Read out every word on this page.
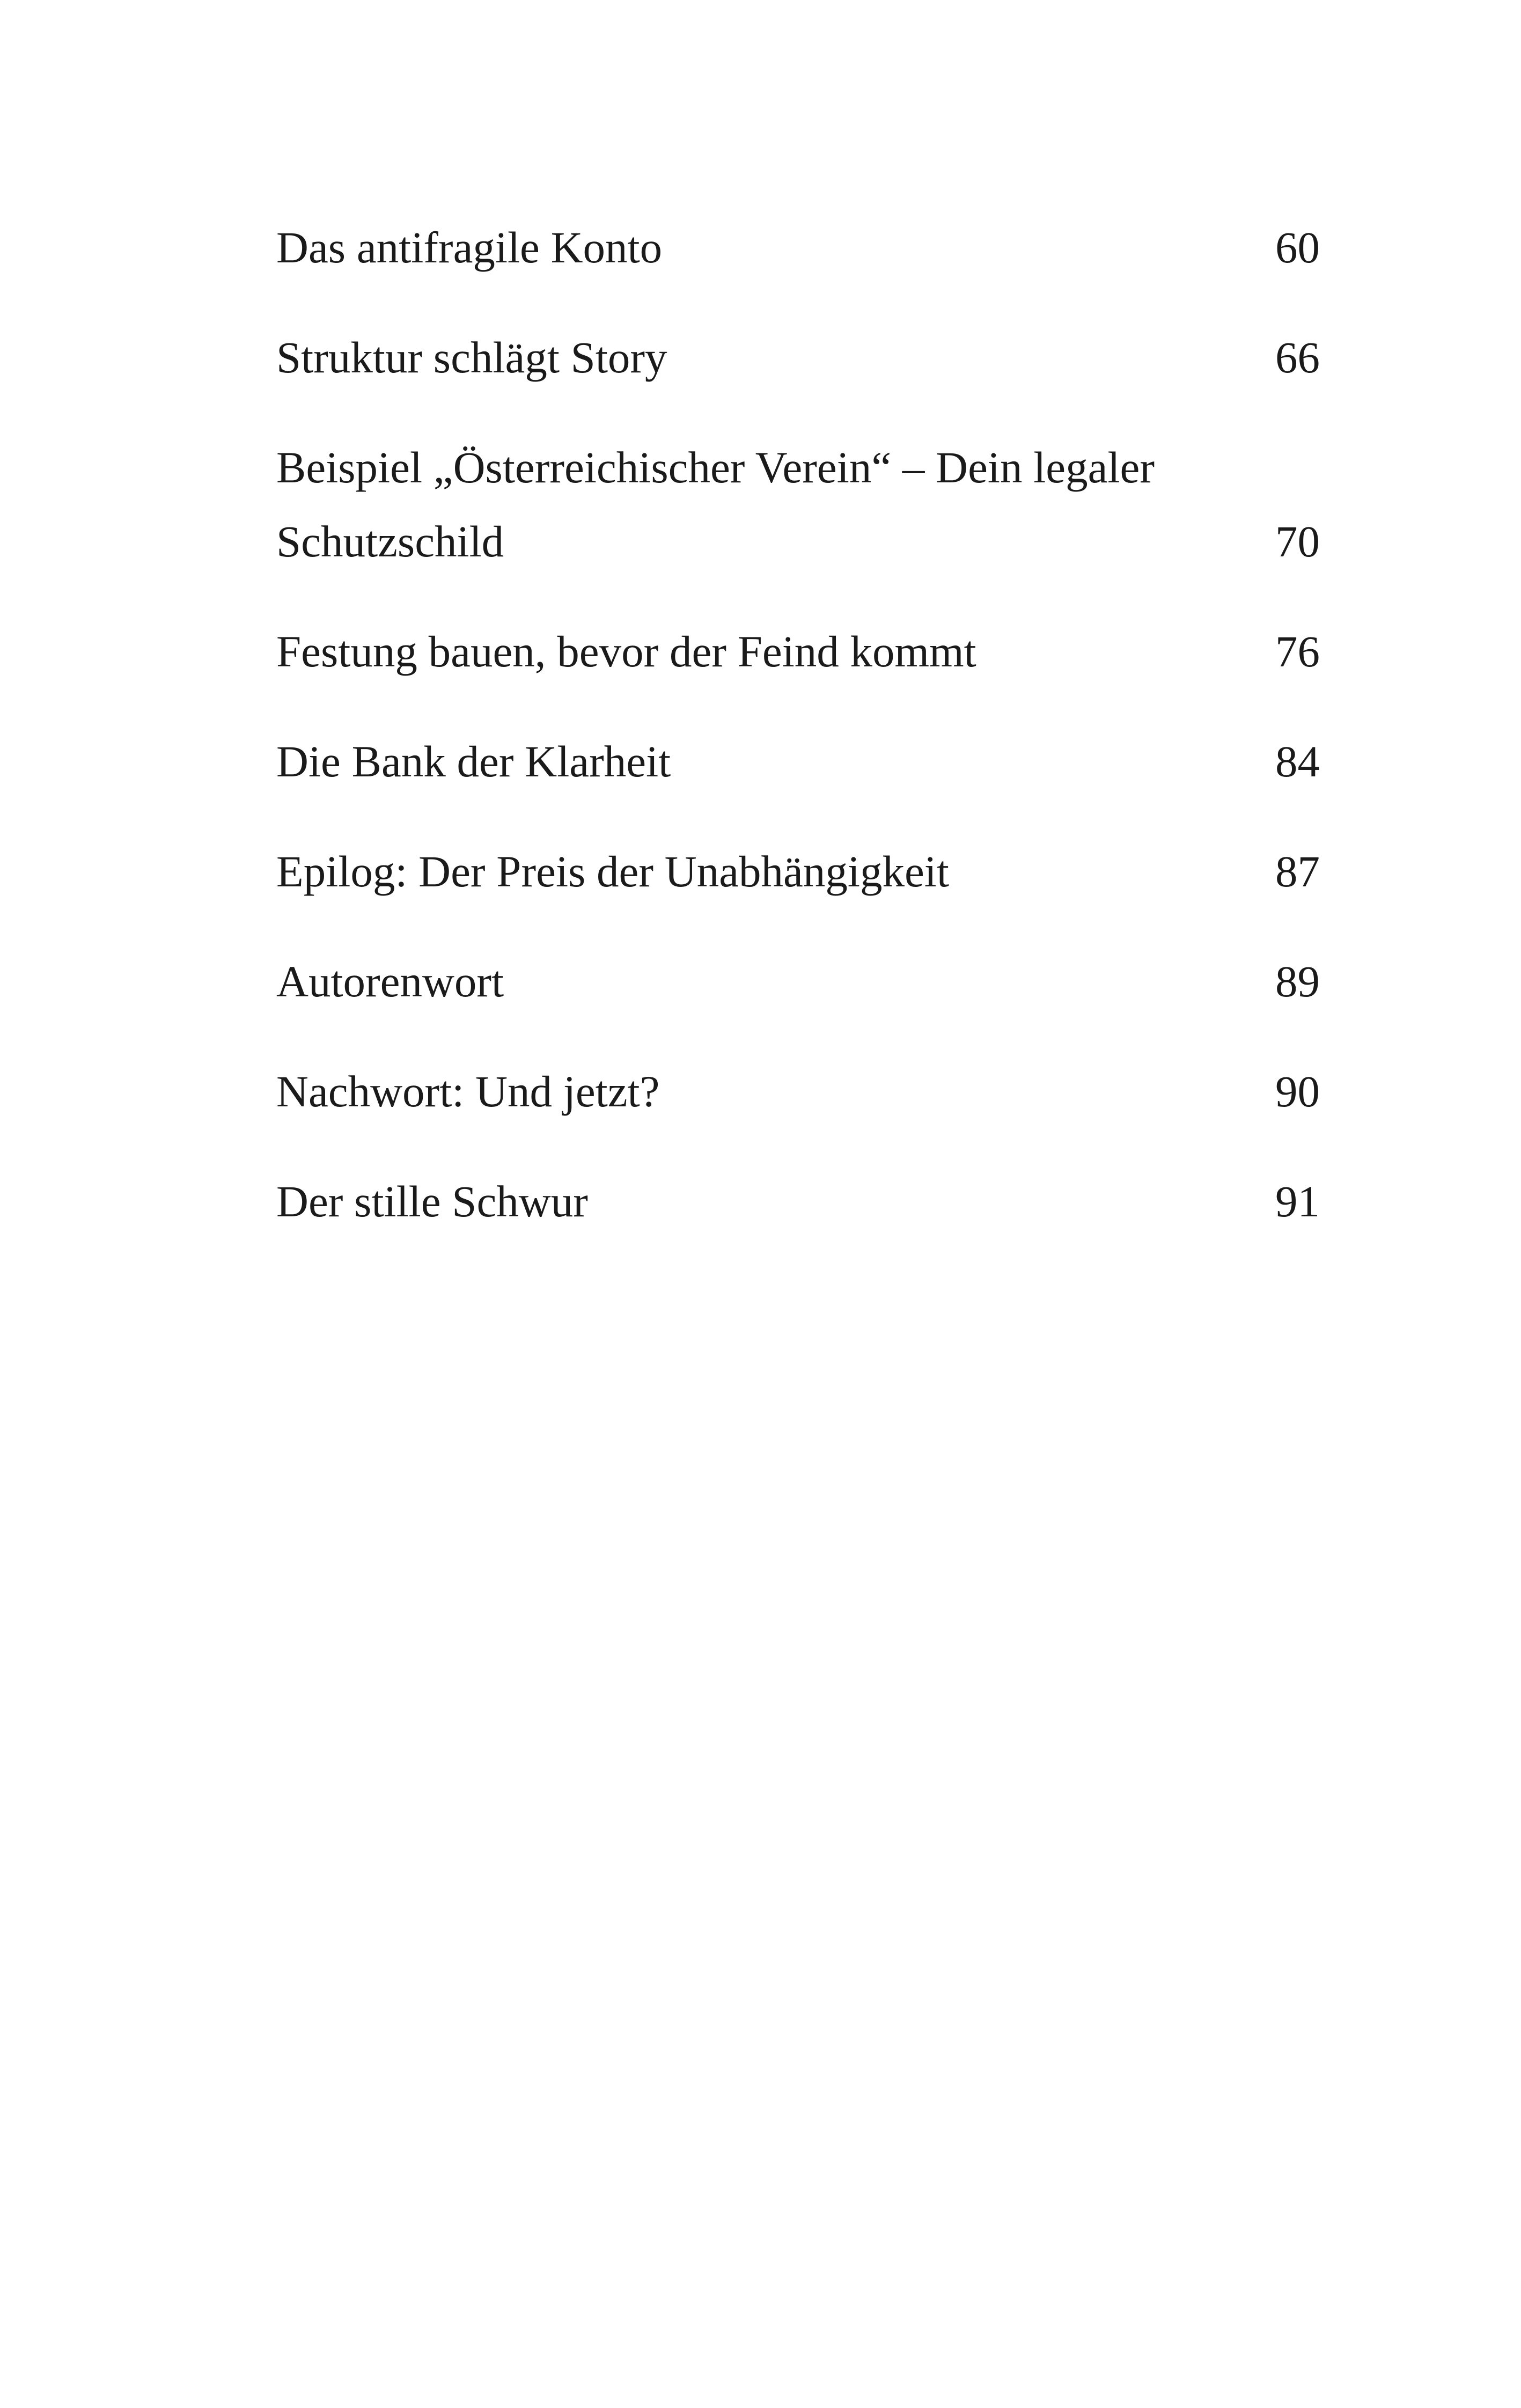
Das antifragile Konto	60
Struktur schlägt Story	66
Beispiel „Österreichischer Verein“ – Dein legaler
Schutzschild	70
Festung bauen, bevor der Feind kommt	76
Die Bank der Klarheit	84
Epilog: Der Preis der Unabhängigkeit	87
Autorenwort	89
Nachwort: Und jetzt?	90
Der stille Schwur	91
